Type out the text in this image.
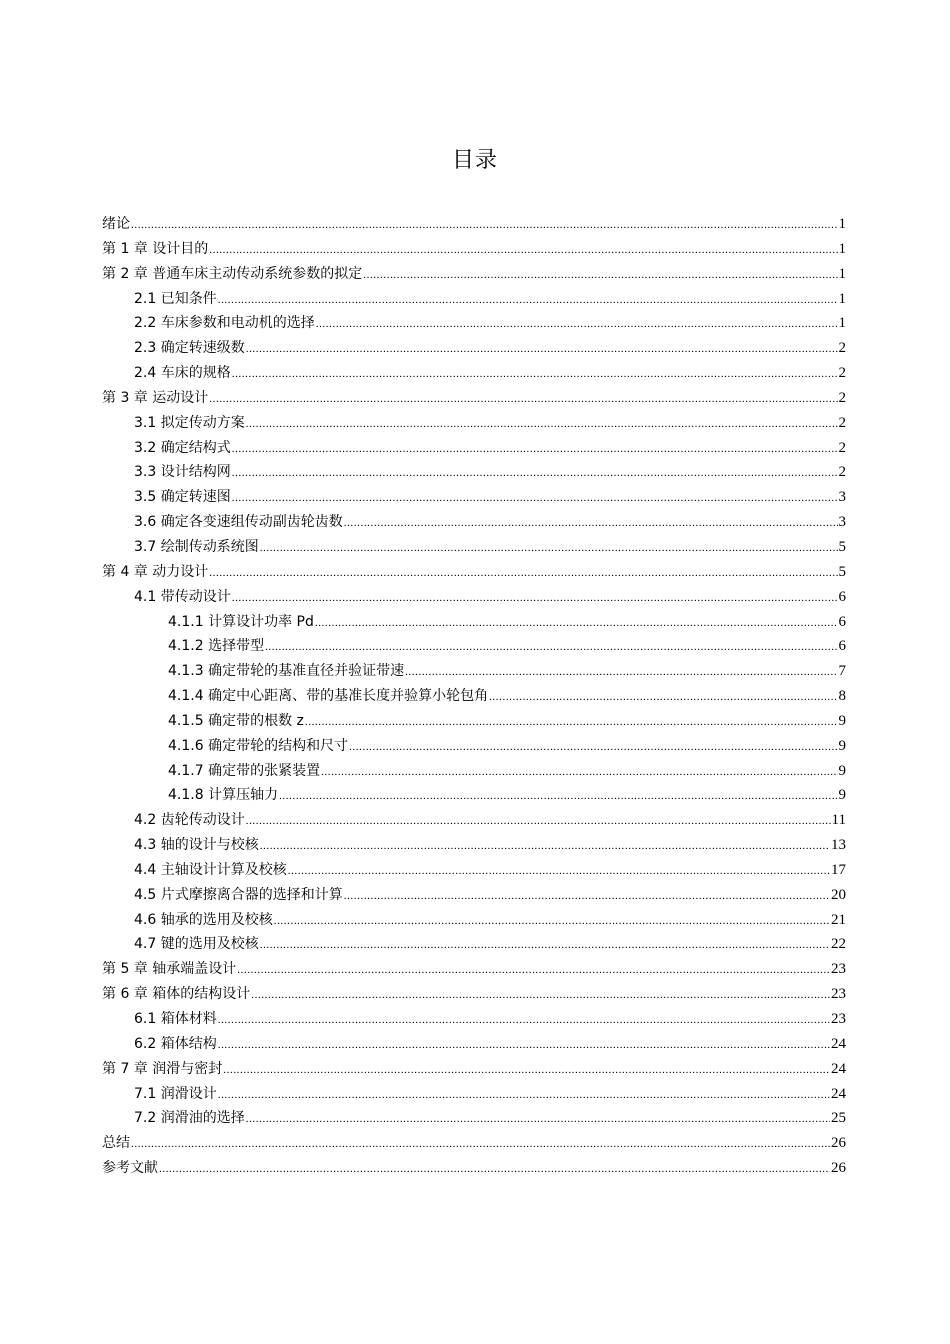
目录
绪论 .....	1
第 1 章 设计目的 .....	1
第 2 章 普通车床主动传动系统参数的拟定 .....	1
2.1 已知条件 .....	1
2.2 车床参数和电动机的选择 .....	1
2.3 确定转速级数 .....	2
2.4 车床的规格 .....	2
第 3 章 运动设计 .....	2
3.1 拟定传动方案 .....	2
3.2 确定结构式 .....	2
3.3 设计结构网 .....	2
3.5 确定转速图 .....	3
3.6 确定各变速组传动副齿轮齿数 .....	3
3.7 绘制传动系统图 .....	5
第 4 章 动力设计 .....	5
4.1 带传动设计 .....	6
4.1.1 计算设计功率 Pd .....	6
4.1.2 选择带型 .....	6
4.1.3 确定带轮的基准直径并验证带速 .....	7
4.1.4 确定中心距离、带的基准长度并验算小轮包角 .....	8
4.1.5 确定带的根数 z .....	9
4.1.6 确定带轮的结构和尺寸 .....	9
4.1.7 确定带的张紧装置 .....	9
4.1.8 计算压轴力 .....	9
4.2 齿轮传动设计 .....	11
4.3 轴的设计与校核 .....	13
4.4 主轴设计计算及校核 .....	17
4.5 片式摩擦离合器的选择和计算 .....	20
4.6 轴承的选用及校核 .....	21
4.7 键的选用及校核 .....	22
第 5 章 轴承端盖设计 .....	23
第 6 章 箱体的结构设计 .....	23
6.1 箱体材料 .....	23
6.2 箱体结构 .....	24
第 7 章 润滑与密封 .....	24
7.1 润滑设计 .....	24
7.2 润滑油的选择 .....	25
总结 .....	26
参考文献 .....	26
